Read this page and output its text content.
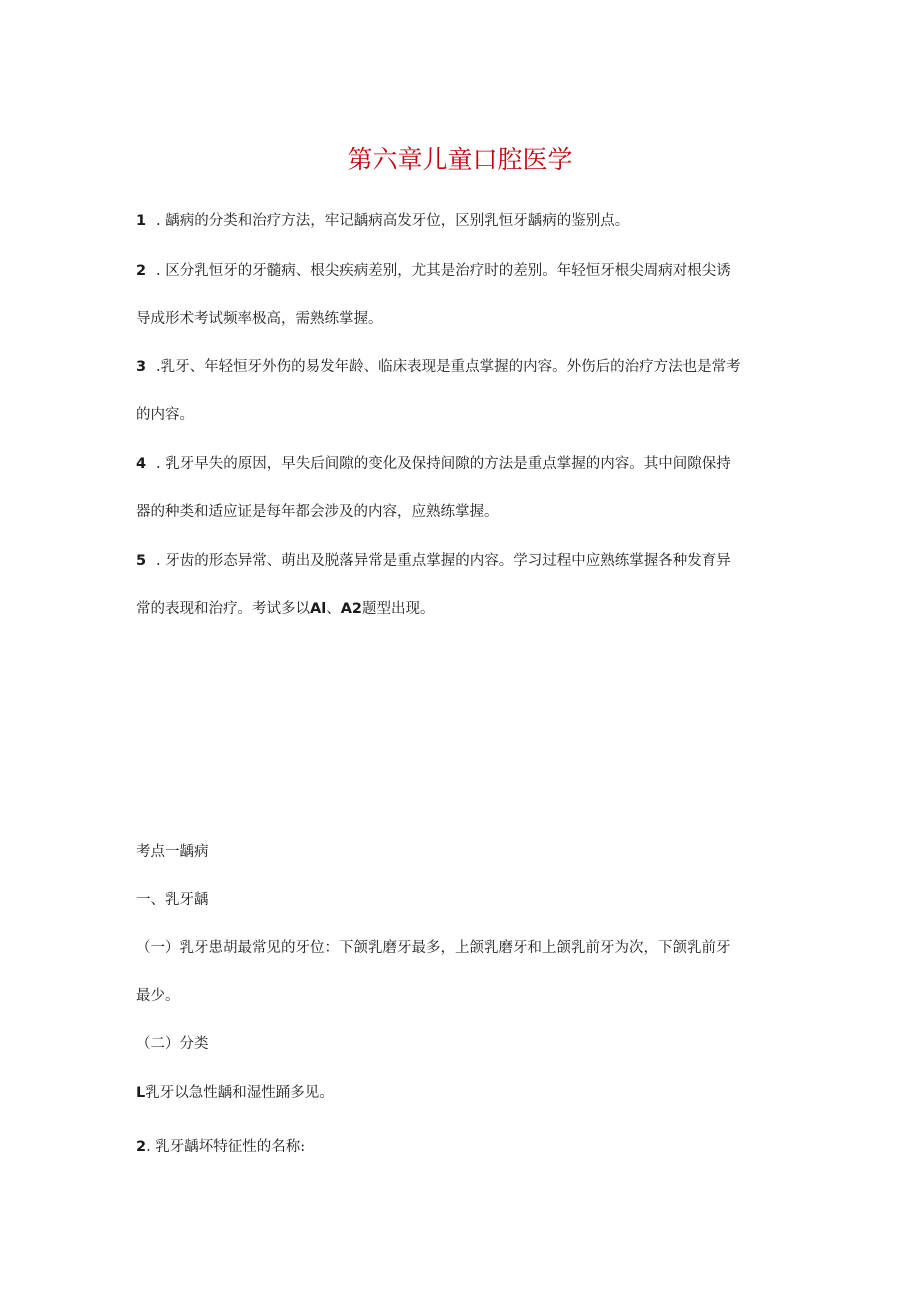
第六章儿童口腔医学

1 . 龋病的分类和治疗方法，牢记龋病高发牙位，区别乳恒牙龋病的鉴别点。

2 . 区分乳恒牙的牙髓病、根尖疾病差别，尤其是治疗时的差别。年轻恒牙根尖周病对根尖诱

导成形术考试频率极高，需熟练掌握。

3 .乳牙、年轻恒牙外伤的易发年龄、临床表现是重点掌握的内容。外伤后的治疗方法也是常考

的内容。

4 . 乳牙早失的原因，早失后间隙的变化及保持间隙的方法是重点掌握的内容。其中间隙保持

器的种类和适应证是每年都会涉及的内容，应熟练掌握。

5 . 牙齿的形态异常、萌出及脱落异常是重点掌握的内容。学习过程中应熟练掌握各种发育异

常的表现和治疗。考试多以Al、A2题型出现。

考点一龋病

一、乳牙龋

（一）乳牙患胡最常见的牙位：下颌乳磨牙最多，上颌乳磨牙和上颌乳前牙为次，下颌乳前牙

最少。

（二）分类

L乳牙以急性龋和湿性踊多见。

2. 乳牙龋坏特征性的名称:
